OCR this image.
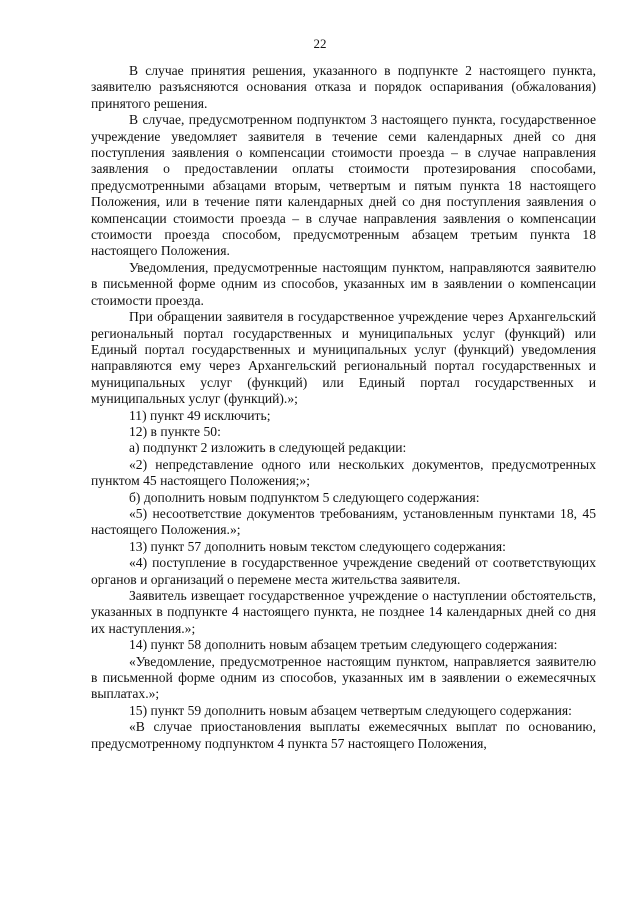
22

В случае принятия решения, указанного в подпункте 2 настоящего пункта, заявителю разъясняются основания отказа и порядок оспаривания (обжалования) принятого решения.

В случае, предусмотренном подпунктом 3 настоящего пункта, государственное учреждение уведомляет заявителя в течение семи календарных дней со дня поступления заявления о компенсации стоимости проезда – в случае направления заявления о предоставлении оплаты стоимости протезирования способами, предусмотренными абзацами вторым, четвертым и пятым пункта 18 настоящего Положения, или в течение пяти календарных дней со дня поступления заявления о компенсации стоимости проезда – в случае направления заявления о компенсации стоимости проезда способом, предусмотренным абзацем третьим пункта 18 настоящего Положения.

Уведомления, предусмотренные настоящим пунктом, направляются заявителю в письменной форме одним из способов, указанных им в заявлении о компенсации стоимости проезда.

При обращении заявителя в государственное учреждение через Архангельский региональный портал государственных и муниципальных услуг (функций) или Единый портал государственных и муниципальных услуг (функций) уведомления направляются ему через Архангельский региональный портал государственных и муниципальных услуг (функций) или Единый портал государственных и муниципальных услуг (функций).»;

11) пункт 49 исключить;

12) в пункте 50:

а) подпункт 2 изложить в следующей редакции:

«2) непредставление одного или нескольких документов, предусмотренных пунктом 45 настоящего Положения;»;

б) дополнить новым подпунктом 5 следующего содержания:

«5) несоответствие документов требованиям, установленным пунктами 18, 45 настоящего Положения.»;

13) пункт 57 дополнить новым текстом следующего содержания:

«4) поступление в государственное учреждение сведений от соответствующих органов и организаций о перемене места жительства заявителя.

Заявитель извещает государственное учреждение о наступлении обстоятельств, указанных в подпункте 4 настоящего пункта, не позднее 14 календарных дней со дня их наступления.»;

14) пункт 58 дополнить новым абзацем третьим следующего содержания:

«Уведомление, предусмотренное настоящим пунктом, направляется заявителю в письменной форме одним из способов, указанных им в заявлении о ежемесячных выплатах.»;

15) пункт 59 дополнить новым абзацем четвертым следующего содержания:

«В случае приостановления выплаты ежемесячных выплат по основанию, предусмотренному подпунктом 4 пункта 57 настоящего Положения,
